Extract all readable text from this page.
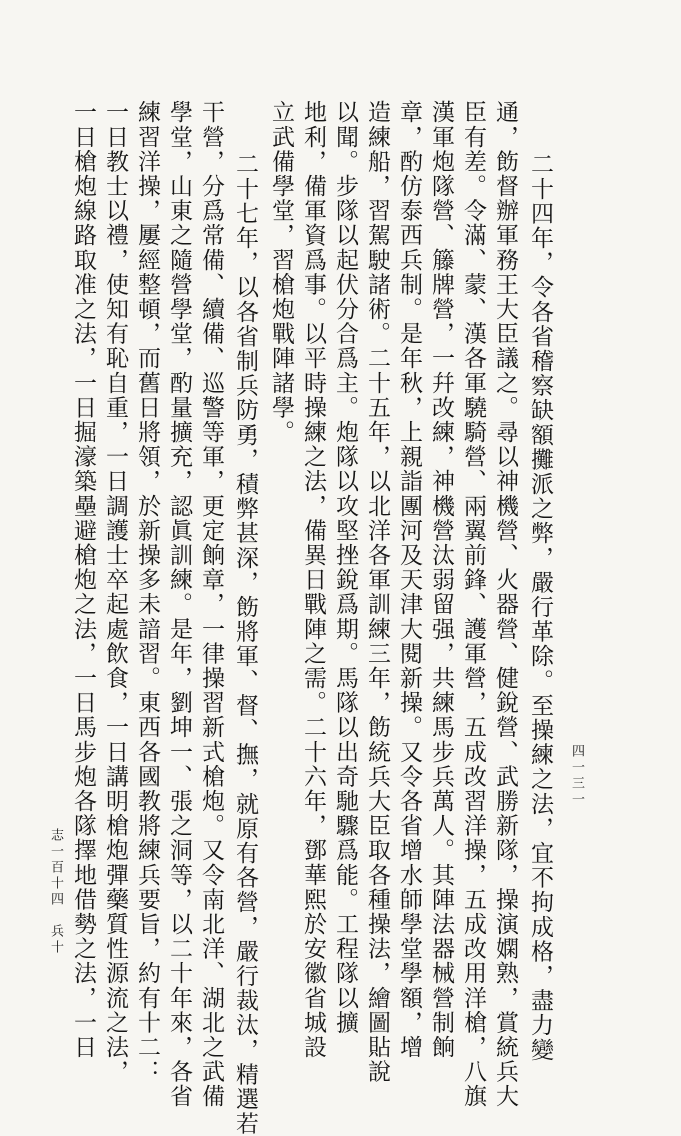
四一三一
二十四年，令各省稽察缺額攤派之弊，嚴行革除。至操練之法，宜不拘成格，盡力變
通，飭督辦軍務王大臣議之。尋以神機營、火器營、健銳營、武勝新隊，操演嫻熟，賞統兵大
臣有差。令滿、蒙、漢各軍驍騎營、兩翼前鋒、護軍營，五成改習洋操，五成改用洋槍，八旗
漢軍炮隊營、籐牌營，一幷改練，神機營汰弱留强，共練馬步兵萬人。其陣法器械營制餉
章，酌仿泰西兵制。是年秋，上親詣團河及天津大閱新操。又令各省增水師學堂學額，增
造練船，習駕駛諸術。二十五年，以北洋各軍訓練三年，飭統兵大臣取各種操法，繪圖貼說
以聞。步隊以起伏分合爲主。炮隊以攻堅挫銳爲期。馬隊以出奇馳驟爲能。工程隊以擴
地利，備軍資爲事。以平時操練之法，備異日戰陣之需。二十六年，鄧華熙於安徽省城設
立武備學堂，習槍炮戰陣諸學。
二十七年，以各省制兵防勇，積弊甚深，飭將軍、督、撫，就原有各營，嚴行裁汰，精選若
干營，分爲常備、續備、巡警等軍，更定餉章，一律操習新式槍炮。又令南北洋、湖北之武備
學堂，山東之隨營學堂，酌量擴充，認眞訓練。是年，劉坤一、張之洞等，以二十年來，各省
練習洋操，屢經整頓，而舊日將領，於新操多未諳習。東西各國教將練兵要旨，約有十二：
一日教士以禮，使知有恥自重，一日調護士卒起處飲食，一日講明槍炮彈藥質性源流之法，
一日槍炮線路取准之法，一日掘濠築壘避槍炮之法，一日馬步炮各隊擇地借勢之法，一日
志一百十四　兵十
